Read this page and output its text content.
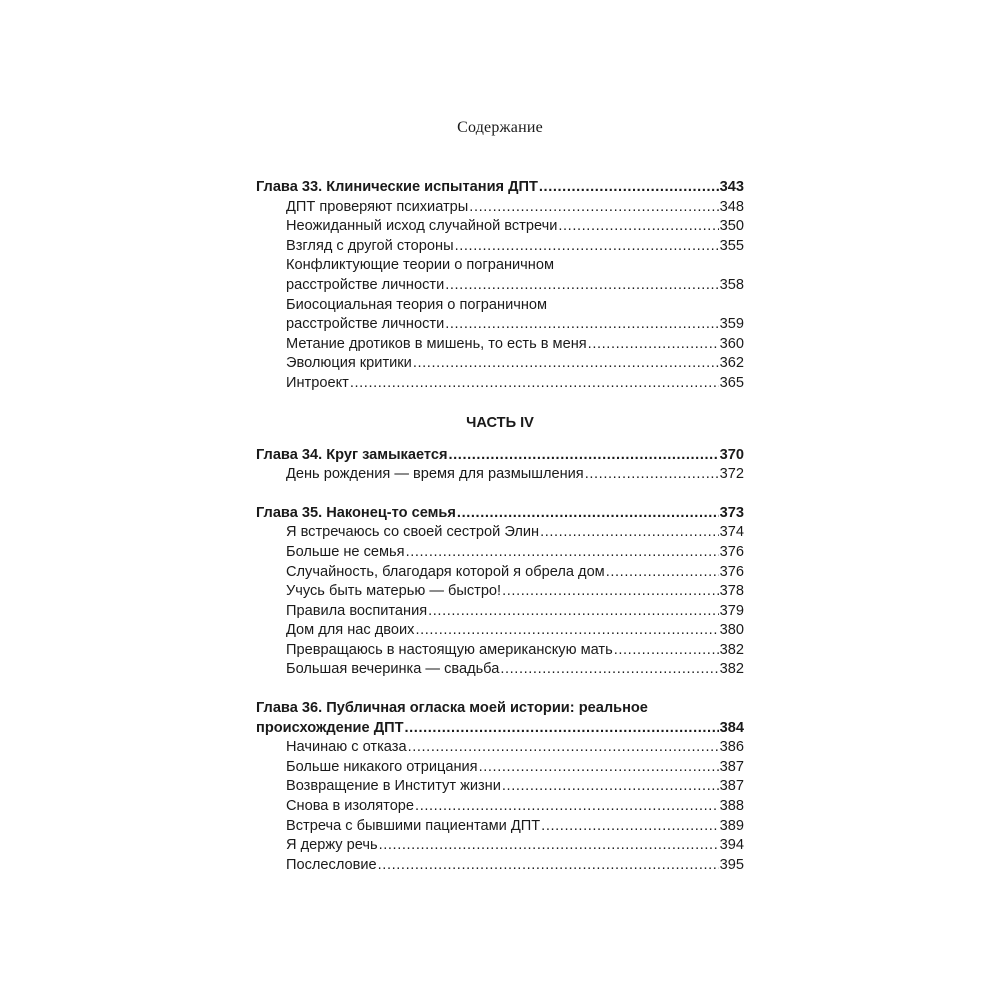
Содержание
Глава 33. Клинические испытания ДПТ .....	343
ДПТ проверяют психиатры .....	348
Неожиданный исход случайной встречи .....	350
Взгляд с другой стороны .....	355
Конфликтующие теории о пограничном
расстройстве личности .....	358
Биосоциальная теория о пограничном
расстройстве личности .....	359
Метание дротиков в мишень, то есть в меня .....	360
Эволюция критики .....	362
Интроект .....	365
ЧАСТЬ IV
Глава 34. Круг замыкается .....	370
День рождения — время для размышления .....	372
Глава 35. Наконец-то семья .....	373
Я встречаюсь со своей сестрой Элин .....	374
Больше не семья .....	376
Случайность, благодаря которой я обрела дом .....	376
Учусь быть матерью — быстро! .....	378
Правила воспитания .....	379
Дом для нас двоих .....	380
Превращаюсь в настоящую американскую мать .....	382
Большая вечеринка — свадьба .....	382
Глава 36. Публичная огласка моей истории: реальное
происхождение ДПТ .....	384
Начинаю с отказа .....	386
Больше никакого отрицания .....	387
Возвращение в Институт жизни .....	387
Снова в изоляторе .....	388
Встреча с бывшими пациентами ДПТ .....	389
Я держу речь .....	394
Послесловие .....	395
